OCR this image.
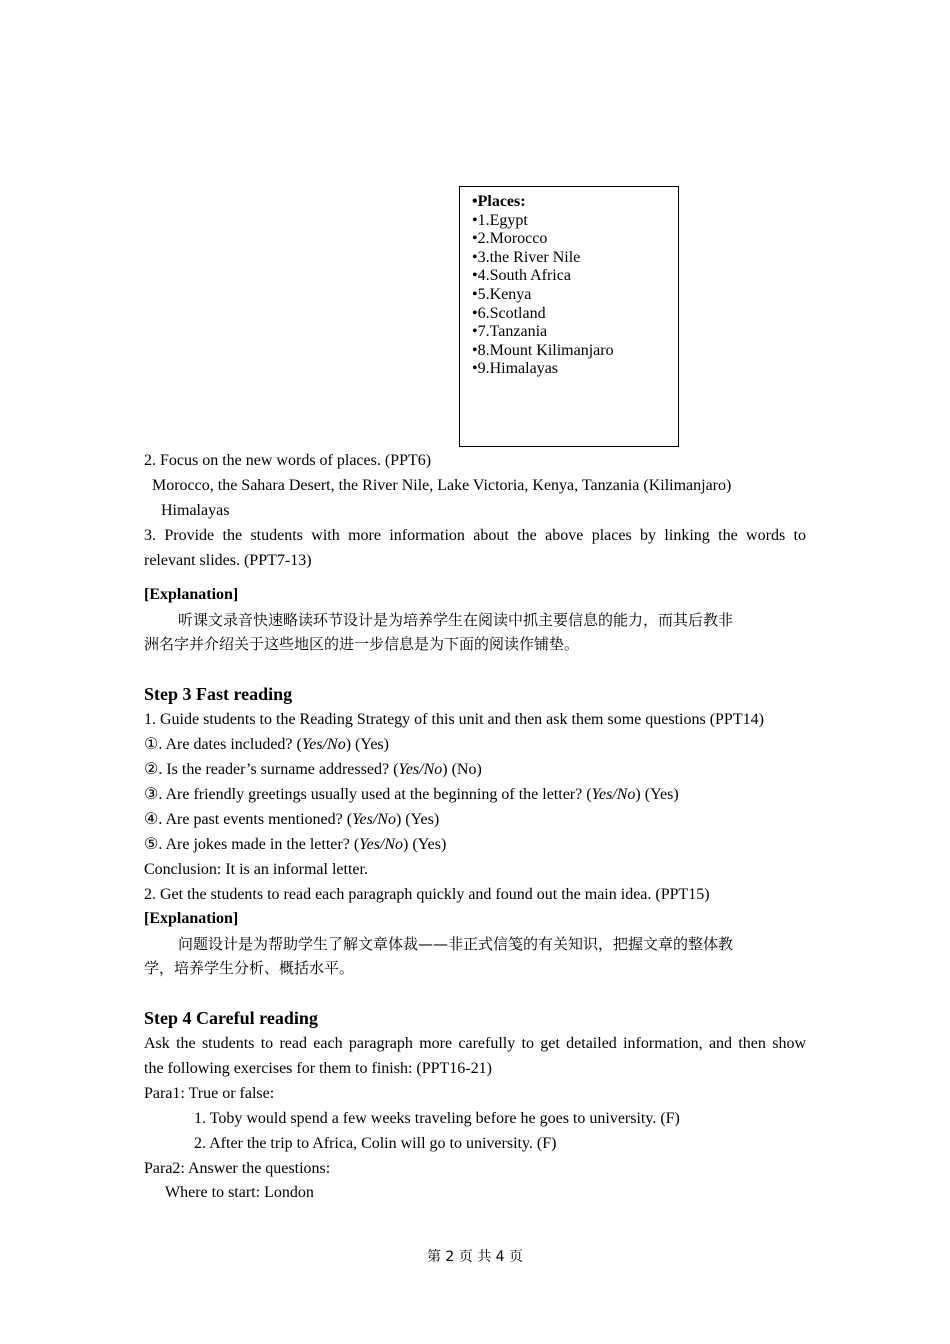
•Places:
•1.Egypt
•2.Morocco
•3.the River Nile
•4.South Africa
•5.Kenya
•6.Scotland
•7.Tanzania
•8.Mount Kilimanjaro
•9.Himalayas
2. Focus on the new words of places. (PPT6)
Morocco, the Sahara Desert, the River Nile, Lake Victoria, Kenya, Tanzania (Kilimanjaro)
Himalayas
3. Provide the students with more information about the above places by linking the words to
relevant slides. (PPT7-13)
[Explanation]
听课文录音快速略读环节设计是为培养学生在阅读中抓主要信息的能力，而其后教非
洲名字并介绍关于这些地区的进一步信息是为下面的阅读作铺垫。
Step 3 Fast reading
1. Guide students to the Reading Strategy of this unit and then ask them some questions (PPT14)
①. Are dates included? (Yes/No) (Yes)
②. Is the reader’s surname addressed? (Yes/No) (No)
③. Are friendly greetings usually used at the beginning of the letter? (Yes/No) (Yes)
④. Are past events mentioned? (Yes/No) (Yes)
⑤. Are jokes made in the letter? (Yes/No) (Yes)
Conclusion: It is an informal letter.
2. Get the students to read each paragraph quickly and found out the main idea. (PPT15)
[Explanation]
问题设计是为帮助学生了解文章体裁——非正式信笺的有关知识，把握文章的整体教
学，培养学生分析、概括水平。
Step 4 Careful reading
Ask the students to read each paragraph more carefully to get detailed information, and then show
the following exercises for them to finish: (PPT16-21)
Para1: True or false:
1. Toby would spend a few weeks traveling before he goes to university. (F)
2. After the trip to Africa, Colin will go to university. (F)
Para2: Answer the questions:
Where to start: London
第 2 页 共 4 页
